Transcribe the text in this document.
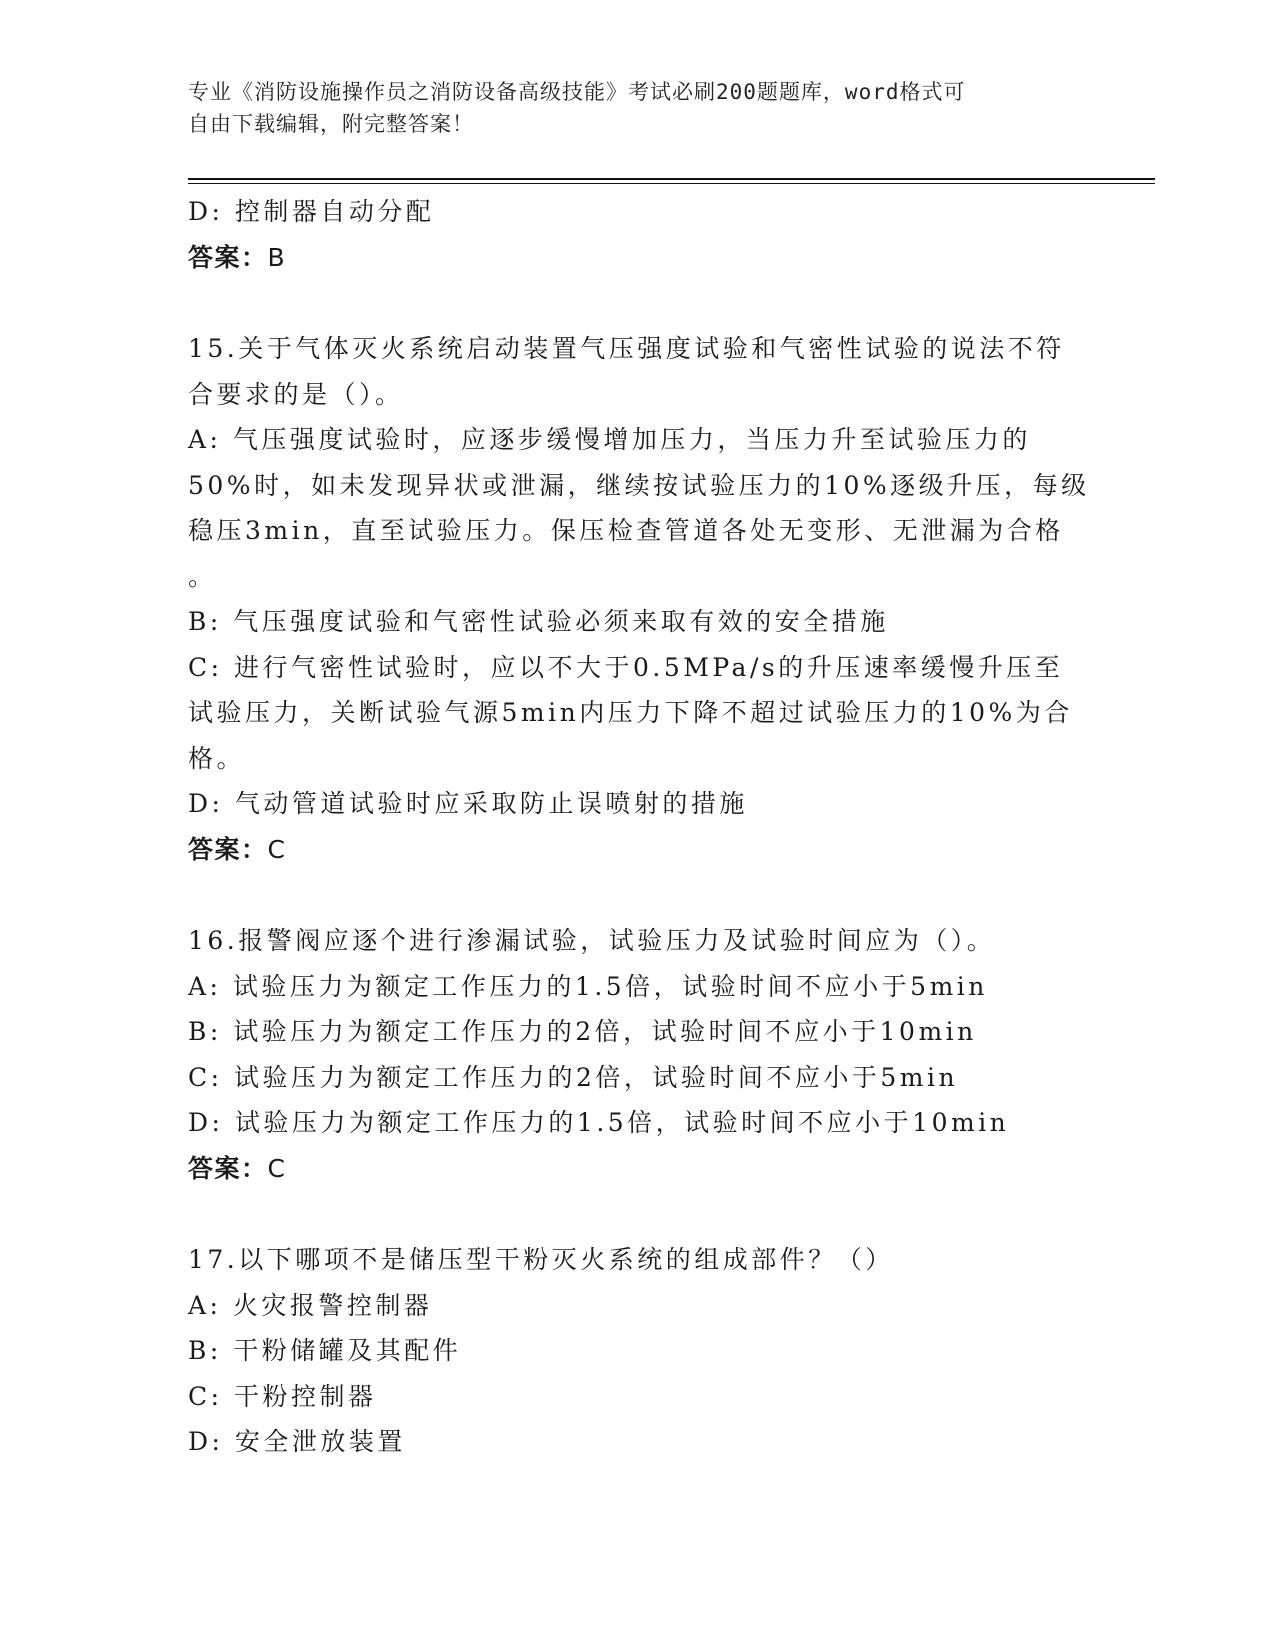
专业《消防设施操作员之消防设备高级技能》考试必刷200题题库，word格式可
自由下载编辑，附完整答案！
D: 控制器自动分配
答案：B
15.关于气体灭火系统启动装置气压强度试验和气密性试验的说法不符
合要求的是（）。
A: 气压强度试验时，应逐步缓慢增加压力，当压力升至试验压力的
50%时，如未发现异状或泄漏，继续按试验压力的10%逐级升压，每级
稳压3min，直至试验压力。保压检查管道各处无变形、无泄漏为合格
。
B: 气压强度试验和气密性试验必须来取有效的安全措施
C: 进行气密性试验时，应以不大于0.5MPa/s的升压速率缓慢升压至
试验压力，关断试验气源5min内压力下降不超过试验压力的10%为合
格。
D: 气动管道试验时应采取防止误喷射的措施
答案：C
16.报警阀应逐个进行渗漏试验，试验压力及试验时间应为（）。
A: 试验压力为额定工作压力的1.5倍，试验时间不应小于5min
B: 试验压力为额定工作压力的2倍，试验时间不应小于10min
C: 试验压力为额定工作压力的2倍，试验时间不应小于5min
D: 试验压力为额定工作压力的1.5倍，试验时间不应小于10min
答案：C
17.以下哪项不是储压型干粉灭火系统的组成部件？（）
A: 火灾报警控制器
B: 干粉储罐及其配件
C: 干粉控制器
D: 安全泄放装置
